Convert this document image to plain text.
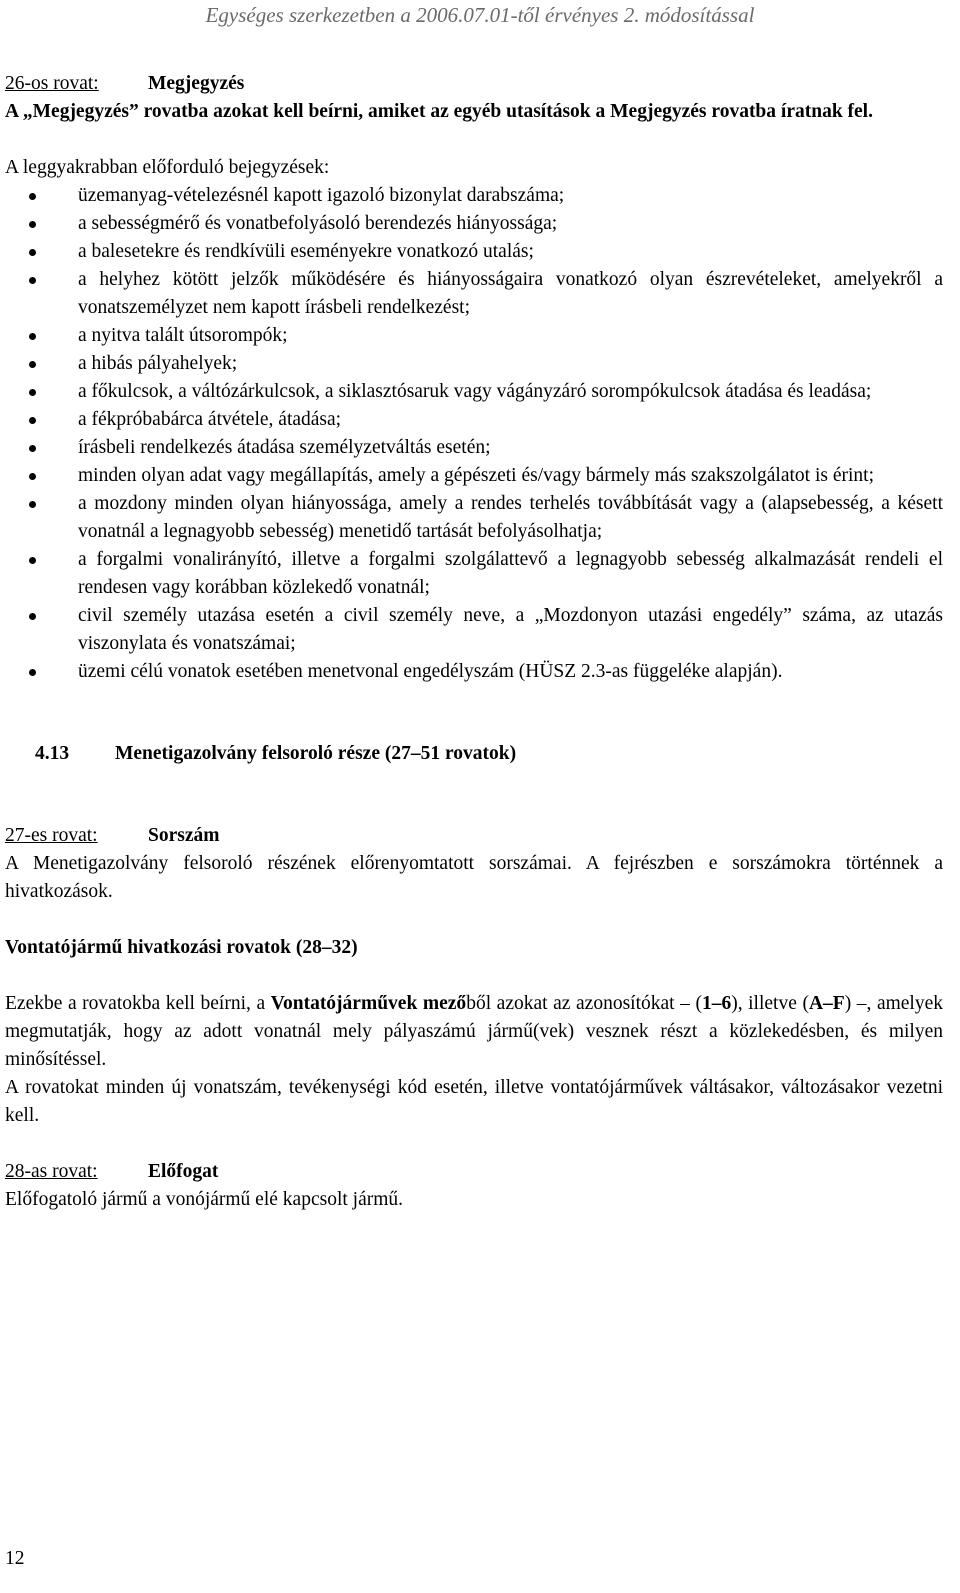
Egységes szerkezetben a 2006.07.01-től érvényes 2. módosítással
26-os rovat:	Megjegyzés

A „Megjegyzés” rovatba azokat kell beírni, amiket az egyéb utasítások a Megjegyzés rovatba íratnak fel.

A leggyakrabban előforduló bejegyzések:

üzemanyag-vételezésnél kapott igazoló bizonylat darabszáma;
a sebességmérő és vonatbefolyásoló berendezés hiányossága;
a balesetekre és rendkívüli eseményekre vonatkozó utalás;
a helyhez kötött jelzők működésére és hiányosságaira vonatkozó olyan észrevételeket, amelyekről a vonatszemélyzet nem kapott írásbeli rendelkezést;
a nyitva talált útsorompók;
a hibás pályahelyek;
a főkulcsok, a váltózárkulcsok, a siklasztósaruk vagy vágányzáró sorompókulcsok átadása és leadása;
a fékpróbabárca átvétele, átadása;
írásbeli rendelkezés átadása személyzetváltás esetén;
minden olyan adat vagy megállapítás, amely a gépészeti és/vagy bármely más szakszolgálatot is érint;
a mozdony minden olyan hiányossága, amely a rendes terhelés továbbítását vagy a (alapsebesség, a késett vonatnál a legnagyobb sebesség) menetidő tartását befolyásolhatja;
a forgalmi vonalirányító, illetve a forgalmi szolgálattevő a legnagyobb sebesség alkalmazását rendeli el rendesen vagy korábban közlekedő vonatnál;
civil személy utazása esetén a civil személy neve, a „Mozdonyon utazási engedély” száma, az utazás viszonylata és vonatszámai;
üzemi célú vonatok esetében menetvonal engedélyszám (HÜSZ 2.3-as függeléke alapján).
4.13	Menetigazolvány felsoroló része (27–51 rovatok)
27-es rovat:	Sorszám

A Menetigazolvány felsoroló részének előrenyomtatott sorszámai. A fejrészben e sorszámokra történnek a hivatkozások.

Vontatójármű hivatkozási rovatok (28–32)

Ezekbe a rovatokba kell beírni, a Vontatójárművek mezőből azokat az azonosítókat – (1–6), illetve (A–F) –, amelyek megmutatják, hogy az adott vonatnál mely pályaszámú jármű(vek) vesznek részt a közlekedésben, és milyen minősítéssel.

A rovatokat minden új vonatszám, tevékenységi kód esetén, illetve vontatójárművek váltásakor, változásakor vezetni kell.

28-as rovat:	Előfogat

Előfogatoló jármű a vonójármű elé kapcsolt jármű.

12
